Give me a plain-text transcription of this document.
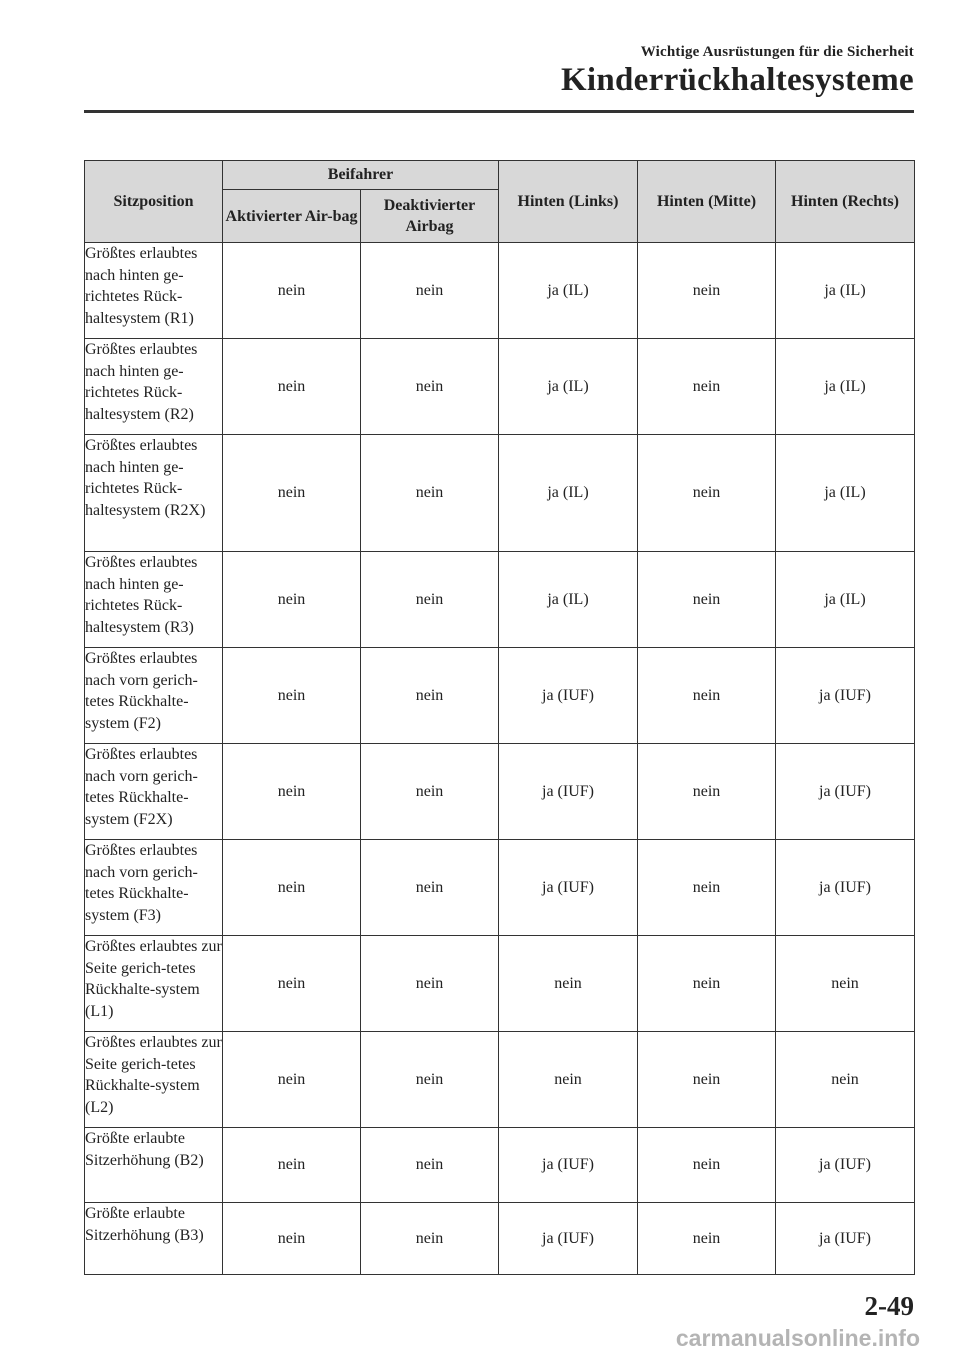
Wichtige Ausrüstungen für die Sicherheit
Kinderrückhaltesysteme
Sitzposition	Beifahrer		Hinten (Links)	Hinten (Mitte)	Hinten (Rechts)
	Aktivierter Air-bag	Deaktivierter Airbag			
Größtes erlaubtes nach hinten ge-richtetes Rück-haltesystem (R1)	nein	nein	ja (IL)	nein	ja (IL)
Größtes erlaubtes nach hinten ge-richtetes Rück-haltesystem (R2)	nein	nein	ja (IL)	nein	ja (IL)
Größtes erlaubtes nach hinten ge-richtetes Rück-haltesystem (R2X)	nein	nein	ja (IL)	nein	ja (IL)
Größtes erlaubtes nach hinten ge-richtetes Rück-haltesystem (R3)	nein	nein	ja (IL)	nein	ja (IL)
Größtes erlaubtes nach vorn gerich-tetes Rückhalte-system (F2)	nein	nein	ja (IUF)	nein	ja (IUF)
Größtes erlaubtes nach vorn gerich-tetes Rückhalte-system (F2X)	nein	nein	ja (IUF)	nein	ja (IUF)
Größtes erlaubtes nach vorn gerich-tetes Rückhalte-system (F3)	nein	nein	ja (IUF)	nein	ja (IUF)
Größtes erlaubtes zur Seite gerich-tetes Rückhalte-system (L1)	nein	nein	nein	nein	nein
Größtes erlaubtes zur Seite gerich-tetes Rückhalte-system (L2)	nein	nein	nein	nein	nein
Größte erlaubte Sitzerhöhung (B2)	nein	nein	ja (IUF)	nein	ja (IUF)
Größte erlaubte Sitzerhöhung (B3)	nein	nein	ja (IUF)	nein	ja (IUF)
2-49
carmanualsonline.info
